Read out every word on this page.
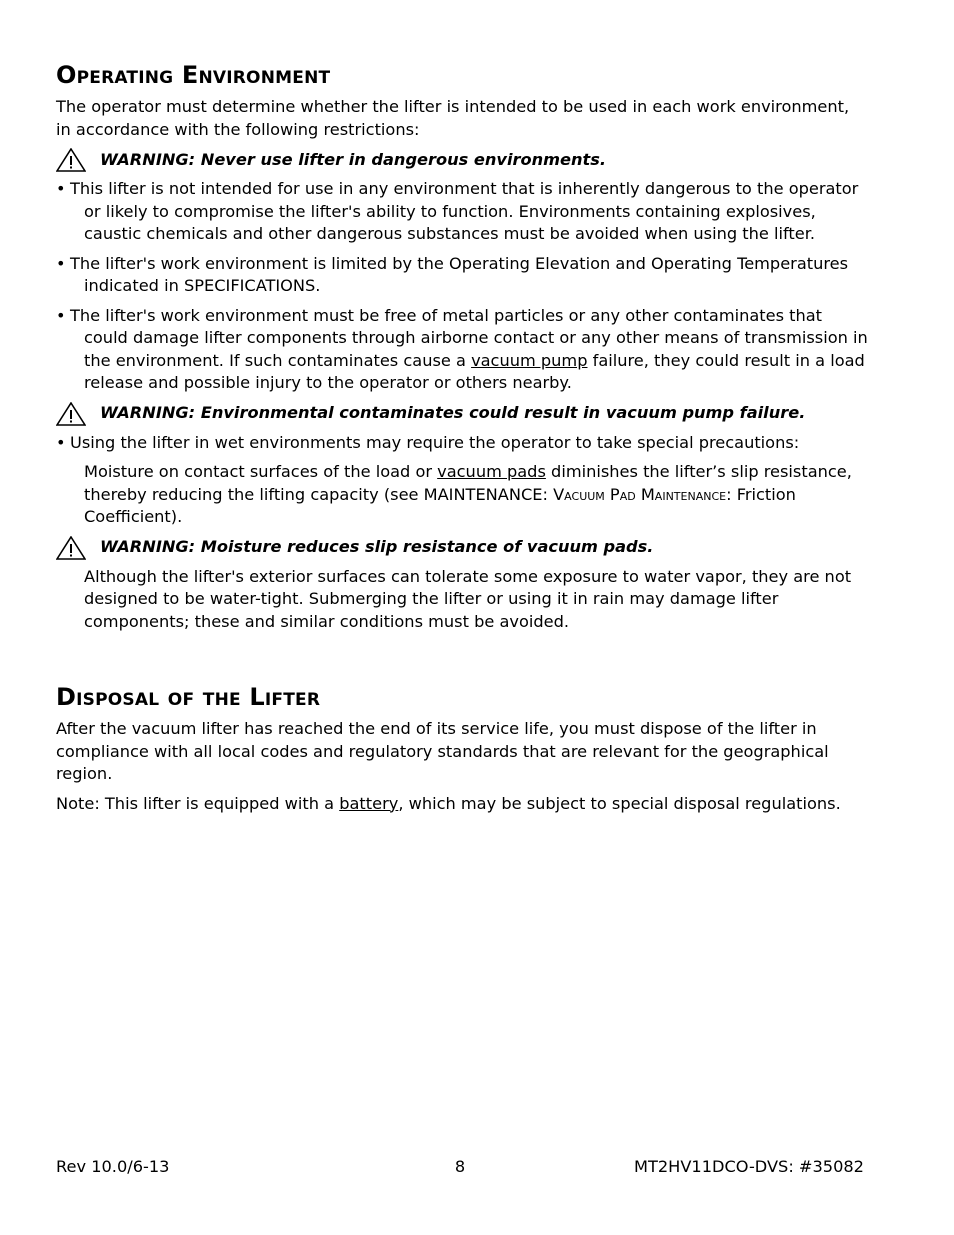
Operating Environment

The operator must determine whether the lifter is intended to be used in each work environment, in accordance with the following restrictions:

WARNING: Never use lifter in dangerous environments.

• This lifter is not intended for use in any environment that is inherently dangerous to the operator or likely to compromise the lifter's ability to function. Environments containing explosives, caustic chemicals and other dangerous substances must be avoided when using the lifter.

• The lifter's work environment is limited by the Operating Elevation and Operating Temperatures indicated in SPECIFICATIONS.

• The lifter's work environment must be free of metal particles or any other contaminates that could damage lifter components through airborne contact or any other means of transmission in the environment. If such contaminates cause a vacuum pump failure, they could result in a load release and possible injury to the operator or others nearby.

WARNING: Environmental contaminates could result in vacuum pump failure.

• Using the lifter in wet environments may require the operator to take special precautions:

Moisture on contact surfaces of the load or vacuum pads diminishes the lifter’s slip resistance, thereby reducing the lifting capacity (see MAINTENANCE: Vacuum Pad Maintenance: Friction Coefficient).

WARNING: Moisture reduces slip resistance of vacuum pads.

Although the lifter's exterior surfaces can tolerate some exposure to water vapor, they are not designed to be water-tight. Submerging the lifter or using it in rain may damage lifter components; these and similar conditions must be avoided.

Disposal of the Lifter

After the vacuum lifter has reached the end of its service life, you must dispose of the lifter in compliance with all local codes and regulatory standards that are relevant for the geographical region.

Note: This lifter is equipped with a battery, which may be subject to special disposal regulations.

Rev 10.0/6-13	8	MT2HV11DCO-DVS: #35082
